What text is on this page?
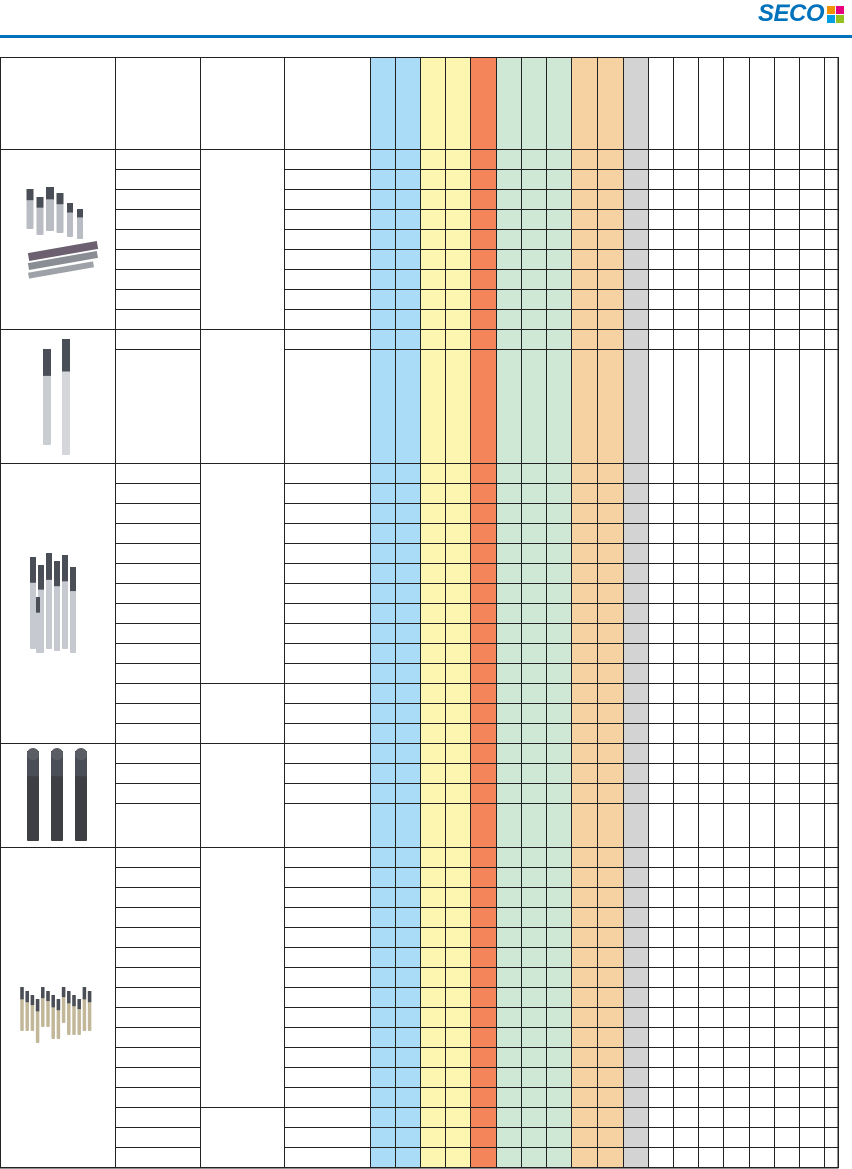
SECO
